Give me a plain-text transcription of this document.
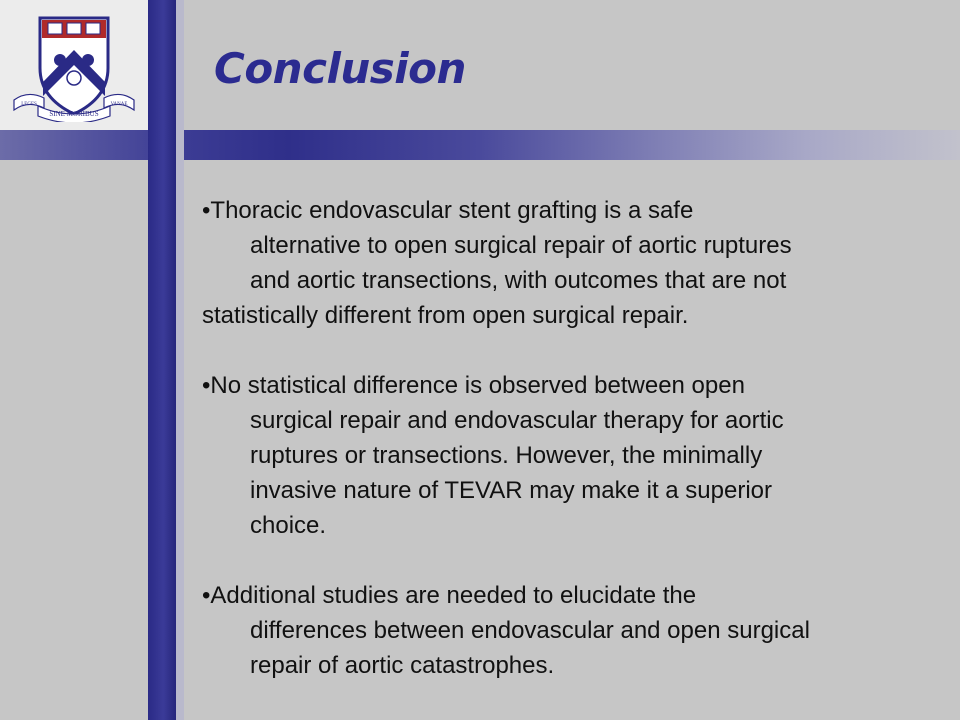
SINE MORIBUS
LEGES	VANAE
Conclusion
•Thoracic endovascular stent grafting is a safe
alternative to open surgical repair of aortic ruptures
and aortic transections, with outcomes that are not
statistically different from open surgical repair.
•No statistical difference is observed between open
surgical repair and endovascular therapy for aortic
ruptures or transections. However, the minimally
invasive nature of TEVAR may make it a superior
choice.
•Additional studies are needed to elucidate the
differences between endovascular and open surgical
repair of aortic catastrophes.
